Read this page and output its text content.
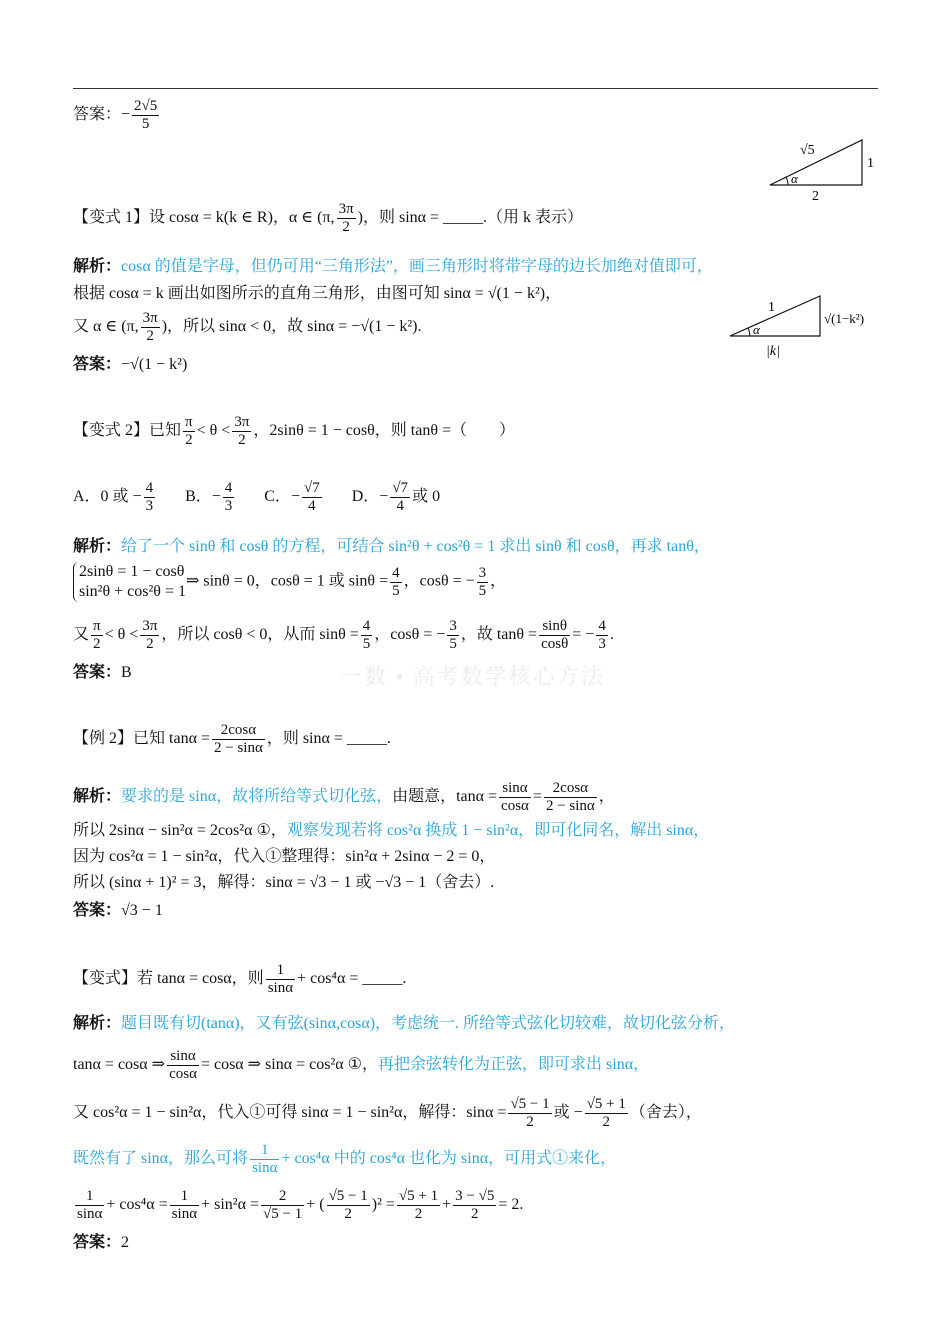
一数 • 高考数学核心方法
答案：− $\frac{2√5}{5}$
√5
1
2
α
【变式 1】设 cosα = k(k ∈ R)，α ∈ (π, $\frac{3\pi}{2}$ )，则 sinα = _____.（用 k 表示）
解析：cosα 的值是字母，但仍可用“三角形法”，画三角形时将带字母的边长加绝对值即可，
根据 cosα = k 画出如图所示的直角三角形，由图可知 sinα = √(1 − k²)，
又 α ∈ (π, $\frac{3\pi}{2}$ )，所以 sinα < 0，故 sinα = −√(1 − k²).
答案：−√(1 − k²)
1
√(1−k²)
|k|
α
【变式 2】已知 $\frac{\pi}{2} < \theta < \frac{3\pi}{2}$ ，2sinθ = 1 − cosθ，则 tanθ =（　　）
A．0 或 − $\frac{4}{3}$ B．− $\frac{4}{3}$ C．− $\frac{√7}{4}$ D．− $\frac{√7}{4}$ 或 0
解析：给了一个 sinθ 和 cosθ 的方程，可结合 sin²θ + cos²θ = 1 求出 sinθ 和 cosθ，再求 tanθ，
2sinθ = 1 − cosθ
sin²θ + cos²θ = 1
⇒ sinθ = 0，cosθ = 1 或 $\sin\theta = \frac{4}{5}$ ，cosθ = − $\frac{3}{5}$ ，
又 $\frac{\pi}{2} < \theta < \frac{3\pi}{2}$ ，所以 cosθ < 0，从而 $\sin\theta = \frac{4}{5}$ ，cosθ = − $\frac{3}{5}$ ，故 $\tan\theta = \frac{\sin\theta}{\cos\theta}$ = − $\frac{4}{3}$ .
答案：B
【例 2】已知 $\tan\alpha = \frac{2\cos\alpha}{2 - \sin\alpha}$ ，则 sinα = _____.
解析：要求的是 sinα，故将所给等式切化弦，由题意，$\tan\alpha = \frac{\sin\alpha}{\cos\alpha} = \frac{2\cos\alpha}{2 - \sin\alpha}$ ，
所以 2sinα − sin²α = 2cos²α ①，观察发现若将 cos²α 换成 1 − sin²α，即可化同名，解出 sinα，
因为 cos²α = 1 − sin²α，代入①整理得：sin²α + 2sinα − 2 = 0，
所以 (sinα + 1)² = 3，解得：sinα = √3 − 1 或 −√3 − 1（舍去）.
答案：√3 − 1
【变式】若 tanα = cosα，则 $\frac{1}{\sin\alpha} + \cos^4\alpha$ = _____.
解析：题目既有切(tanα)，又有弦(sinα,cosα)，考虑统一. 所给等式弦化切较难，故切化弦分析，
tanα = cosα ⇒ $\frac{\sin\alpha}{\cos\alpha} = \cos\alpha$ ⇒ sinα = cos²α ①，再把余弦转化为正弦，即可求出 sinα，
又 cos²α = 1 − sin²α，代入①可得 sinα = 1 − sin²α，解得：$\sin\alpha = \frac{√5 - 1}{2}$ 或 − $\frac{√5 + 1}{2}$ （舍去），
既然有了 sinα，那么可将 $\frac{1}{\sin\alpha} + \cos^4\alpha$ 中的 cos⁴α 也化为 sinα，可用式①来化，
$\frac{1}{\sin\alpha} + \cos^4\alpha = \frac{1}{\sin\alpha} + \sin^2\alpha = \frac{2}{√5 - 1}$ + ( $\frac{√5 - 1}{2} )^2 = \frac{√5 + 1}{2} + \frac{3 - √5}{2} = 2$.
答案：2
